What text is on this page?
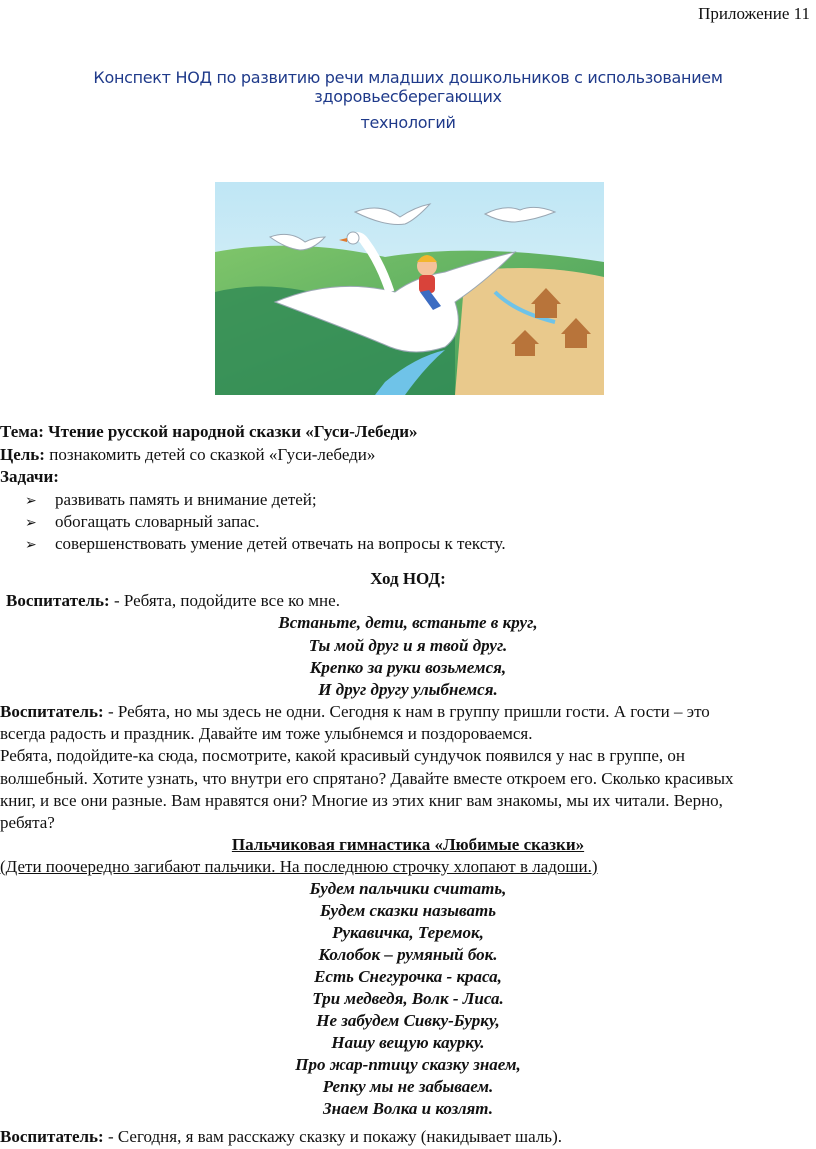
Приложение 11
Конспект НОД по развитию речи младших дошкольников с использованием здоровьесберегающих
технологий
Тема: Чтение русской народной сказки «Гуси-Лебеди»
Цель: познакомить детей со сказкой «Гуси-лебеди»
Задачи:
➢ развивать память и внимание детей;
➢ обогащать словарный запас.
➢ совершенствовать умение детей отвечать на вопросы к тексту.
Ход НОД:
Воспитатель: - Ребята, подойдите все ко мне.
Встаньте, дети, встаньте в круг,
Ты мой друг и я твой друг.
Крепко за руки возьмемся,
И друг другу улыбнемся.
Воспитатель: - Ребята, но мы здесь не одни. Сегодня к нам в группу пришли гости. А гости – это
всегда радость и праздник. Давайте им тоже улыбнемся и поздороваемся.
Ребята, подойдите-ка сюда, посмотрите, какой красивый сундучок появился у нас в группе, он
волшебный. Хотите узнать, что внутри его спрятано? Давайте вместе откроем его. Сколько красивых
книг, и все они разные. Вам нравятся они? Многие из этих книг вам знакомы, мы их читали. Верно,
ребята?
Пальчиковая гимнастика «Любимые сказки»
(Дети поочередно загибают пальчики. На последнюю строчку хлопают в ладоши.)
Будем пальчики считать,
Будем сказки называть
Рукавичка, Теремок,
Колобок – румяный бок.
Есть Снегурочка - краса,
Три медведя, Волк - Лиса.
Не забудем Сивку-Бурку,
Нашу вещую каурку.
Про жар-птицу сказку знаем,
Репку мы не забываем.
Знаем Волка и козлят.
Воспитатель: - Сегодня, я вам расскажу сказку и покажу (накидывает шаль).
